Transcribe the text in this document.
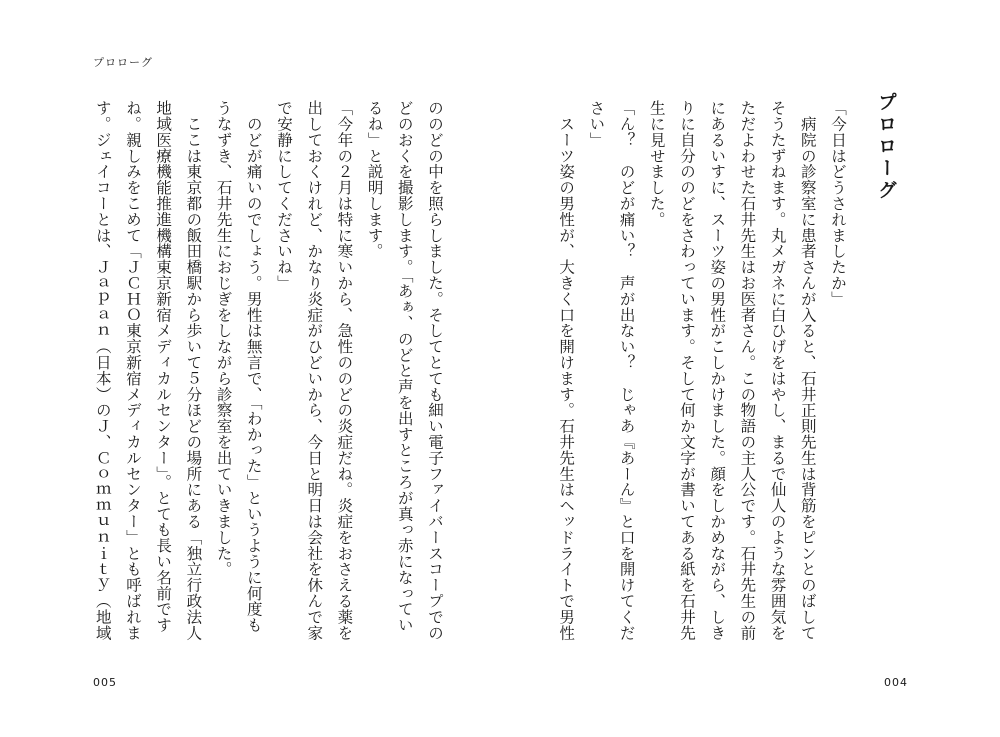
プロローグ
プロローグ
「今日はどうされましたか」
　病院の診察室に患者さんが入ると、石井正則先生は背筋をピンとのばして
そうたずねます。丸メガネに白ひげをはやし、まるで仙人のような雰囲気を
ただよわせた石井先生はお医者さん。この物語の主人公です。石井先生の前
にあるいすに、スーツ姿の男性がこしかけました。顔をしかめながら、しき
りに自分ののどをさわっています。そして何か文字が書いてある紙を石井先
生に見せました。
「ん？　のどが痛い？　声が出ない？　じゃあ『あーん』と口を開けてくだ
さい」
　スーツ姿の男性が、大きく口を開けます。石井先生はヘッドライトで男性
ののどの中を照らしました。そしてとても細い電子ファイバースコープでの
どのおくを撮影します。「あぁ、のどと声を出すところが真っ赤になってい
るね」と説明します。
「今年の２月は特に寒いから、急性ののどの炎症だね。炎症をおさえる薬を
出しておくけれど、かなり炎症がひどいから、今日と明日は会社を休んで家
で安静にしてくださいね」
　のどが痛いのでしょう。男性は無言で、「わかった」というように何度も
うなずき、石井先生におじぎをしながら診察室を出ていきました。
　ここは東京都の飯田橋駅から歩いて５分ほどの場所にある「独立行政法人
地域医療機能推進機構東京新宿メディカルセンター」。とても長い名前です
ね。親しみをこめて「ＪＣＨＯ東京新宿メディカルセンター」とも呼ばれま
す。ジェイコーとは、Ｊａｐａｎ（日本）のＪ、Ｃｏｍｍｕｎｉｔｙ（地域
005	004
